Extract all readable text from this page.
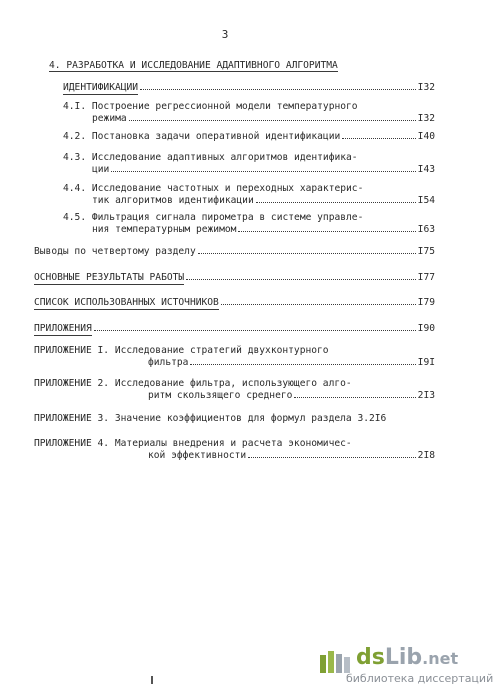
3
4. РАЗРАБОТКА И ИССЛЕДОВАНИЕ АДАПТИВНОГО АЛГОРИТМА
ИДЕНТИФИКАЦИИ	I32
4.I. Построение регрессионной модели температурного
режима	I32
4.2. Постановка задачи оперативной идентификации	I40
4.3. Исследование адаптивных алгоритмов идентифика-
ции	I43
4.4. Исследование частотных и переходных характерис-
тик алгоритмов идентификации	I54
4.5. Фильтрация сигнала пирометра в системе управле-
ния температурным режимом	I63
Выводы по четвертому разделу	I75
ОСНОВНЫЕ РЕЗУЛЬТАТЫ РАБОТЫ	I77
СПИСОК ИСПОЛЬЗОВАННЫХ ИСТОЧНИКОВ	I79
ПРИЛОЖЕНИЯ	I90
ПРИЛОЖЕНИЕ I. Исследование стратегий двухконтурного
фильтра	I9I
ПРИЛОЖЕНИЕ 2. Исследование фильтра, использующего алго-
ритм скользящего среднего	2I3
ПРИЛОЖЕНИЕ 3. Значение коэффициентов для формул раздела 3.2I6
ПРИЛОЖЕНИЕ 4. Материалы внедрения и расчета экономичес-
кой эффективности	2I8
dsLib.net
библиотека диссертаций
